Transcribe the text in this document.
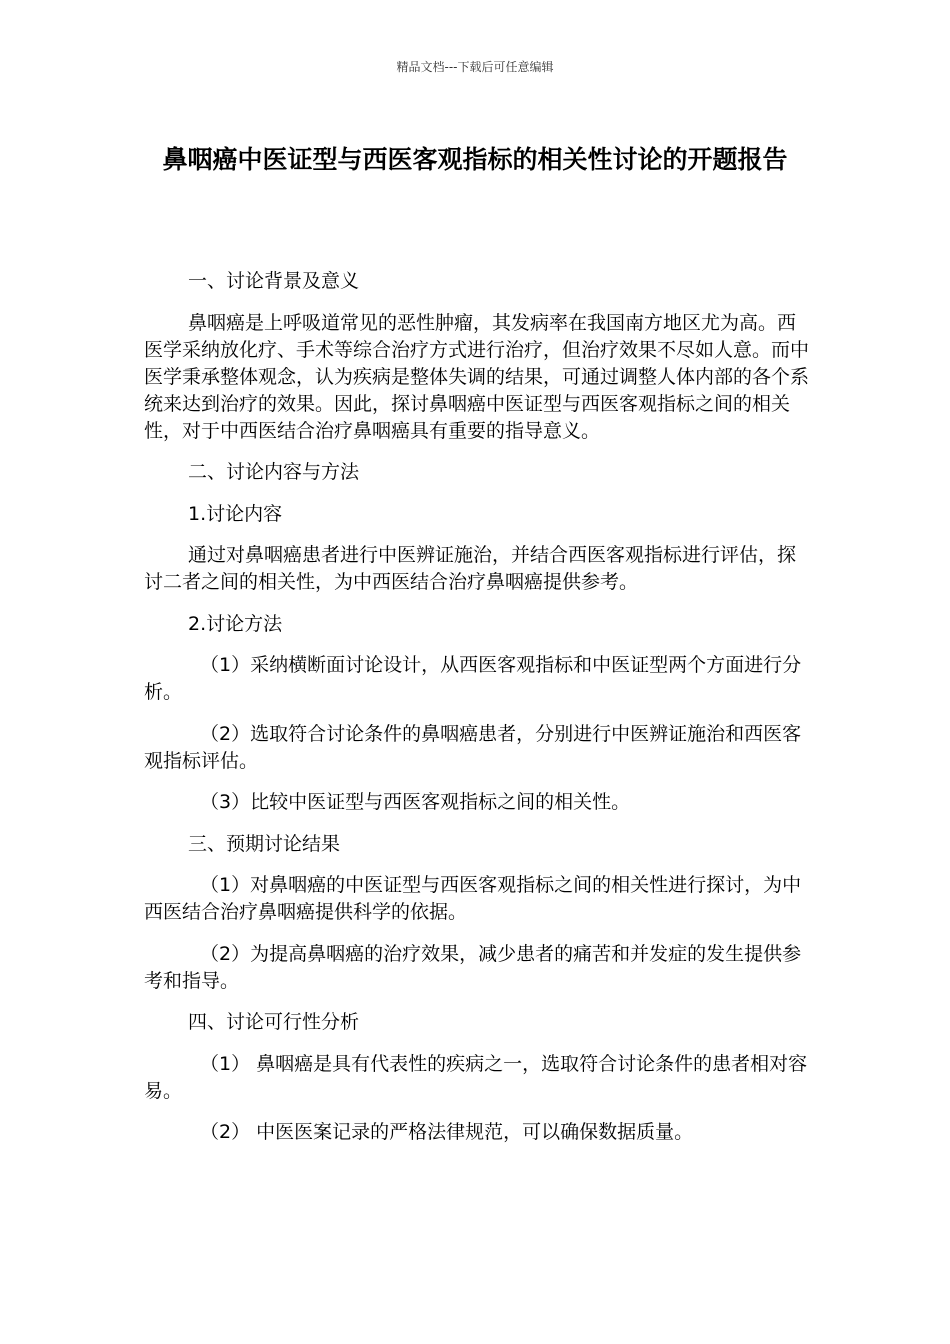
精品文档---下载后可任意编辑
鼻咽癌中医证型与西医客观指标的相关性讨论的开题报告

一、讨论背景及意义

鼻咽癌是上呼吸道常见的恶性肿瘤，其发病率在我国南方地区尤为高。西医学采纳放化疗、手术等综合治疗方式进行治疗，但治疗效果不尽如人意。而中医学秉承整体观念，认为疾病是整体失调的结果，可通过调整人体内部的各个系统来达到治疗的效果。因此，探讨鼻咽癌中医证型与西医客观指标之间的相关性，对于中西医结合治疗鼻咽癌具有重要的指导意义。

二、讨论内容与方法

1.讨论内容

通过对鼻咽癌患者进行中医辨证施治，并结合西医客观指标进行评估，探讨二者之间的相关性，为中西医结合治疗鼻咽癌提供参考。

2.讨论方法

（1）采纳横断面讨论设计，从西医客观指标和中医证型两个方面进行分析。

（2）选取符合讨论条件的鼻咽癌患者，分别进行中医辨证施治和西医客观指标评估。

（3）比较中医证型与西医客观指标之间的相关性。

三、预期讨论结果

（1）对鼻咽癌的中医证型与西医客观指标之间的相关性进行探讨，为中西医结合治疗鼻咽癌提供科学的依据。

（2）为提高鼻咽癌的治疗效果，减少患者的痛苦和并发症的发生提供参考和指导。

四、讨论可行性分析

（1） 鼻咽癌是具有代表性的疾病之一，选取符合讨论条件的患者相对容易。

（2） 中医医案记录的严格法律规范，可以确保数据质量。
